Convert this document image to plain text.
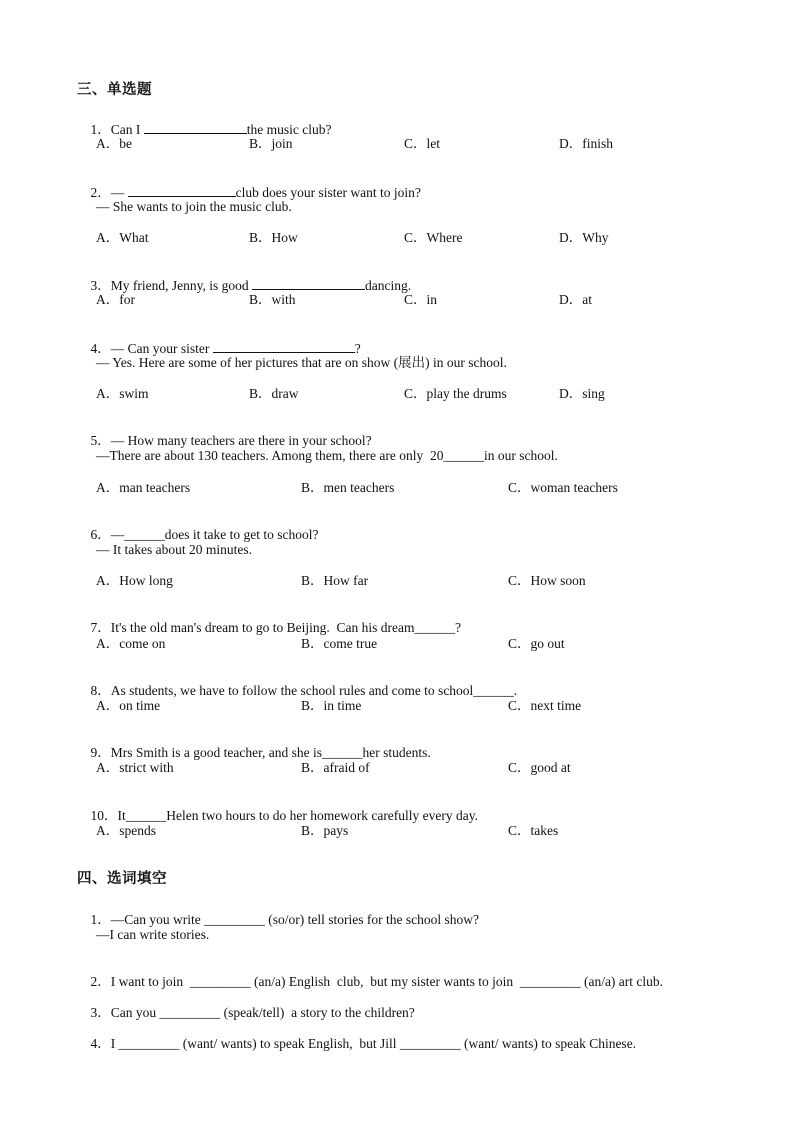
三、单选题

1．Can I	the music club?

A．be	B．join	C．let	D．finish

2．—	club does your sister want to join?

— She wants to join the music club.
A．What	B．How	C．Where	D．Why

3．My friend, Jenny, is good	dancing.

A．for	B．with	C．in	D．at

4．— Can your sister	?

— Yes. Here are some of her pictures that are on show (展出) in our school.
A．swim	B．draw	C．play the drums	D．sing

5．— How many teachers are there in your school?

—There are about 130 teachers. Among them, there are only  20______in our school.
A．man teachers	B．men teachers	C．woman teachers

6．—______does it take to get to school?

— It takes about 20 minutes.
A．How long	B．How far	C．How soon

7．It's the old man's dream to go to Beijing.  Can his dream______?

A．come on	B．come true	C．go out

8．As students, we have to follow the school rules and come to school______.

A．on time	B．in time	C．next time

9．Mrs Smith is a good teacher, and she is______her students.

A．strict with	B．afraid of	C．good at

10．It______Helen two hours to do her homework carefully every day.

A．spends	B．pays	C．takes
四、选词填空

1．—Can you write _________ (so/or) tell stories for the school show?

—I can write stories.

2．I want to join  _________ (an/a) English  club,  but my sister wants to join  _________ (an/a) art club.

3．Can you _________ (speak/tell)  a story to the children?

4．I _________ (want/ wants) to speak English,  but Jill _________ (want/ wants) to speak Chinese.
